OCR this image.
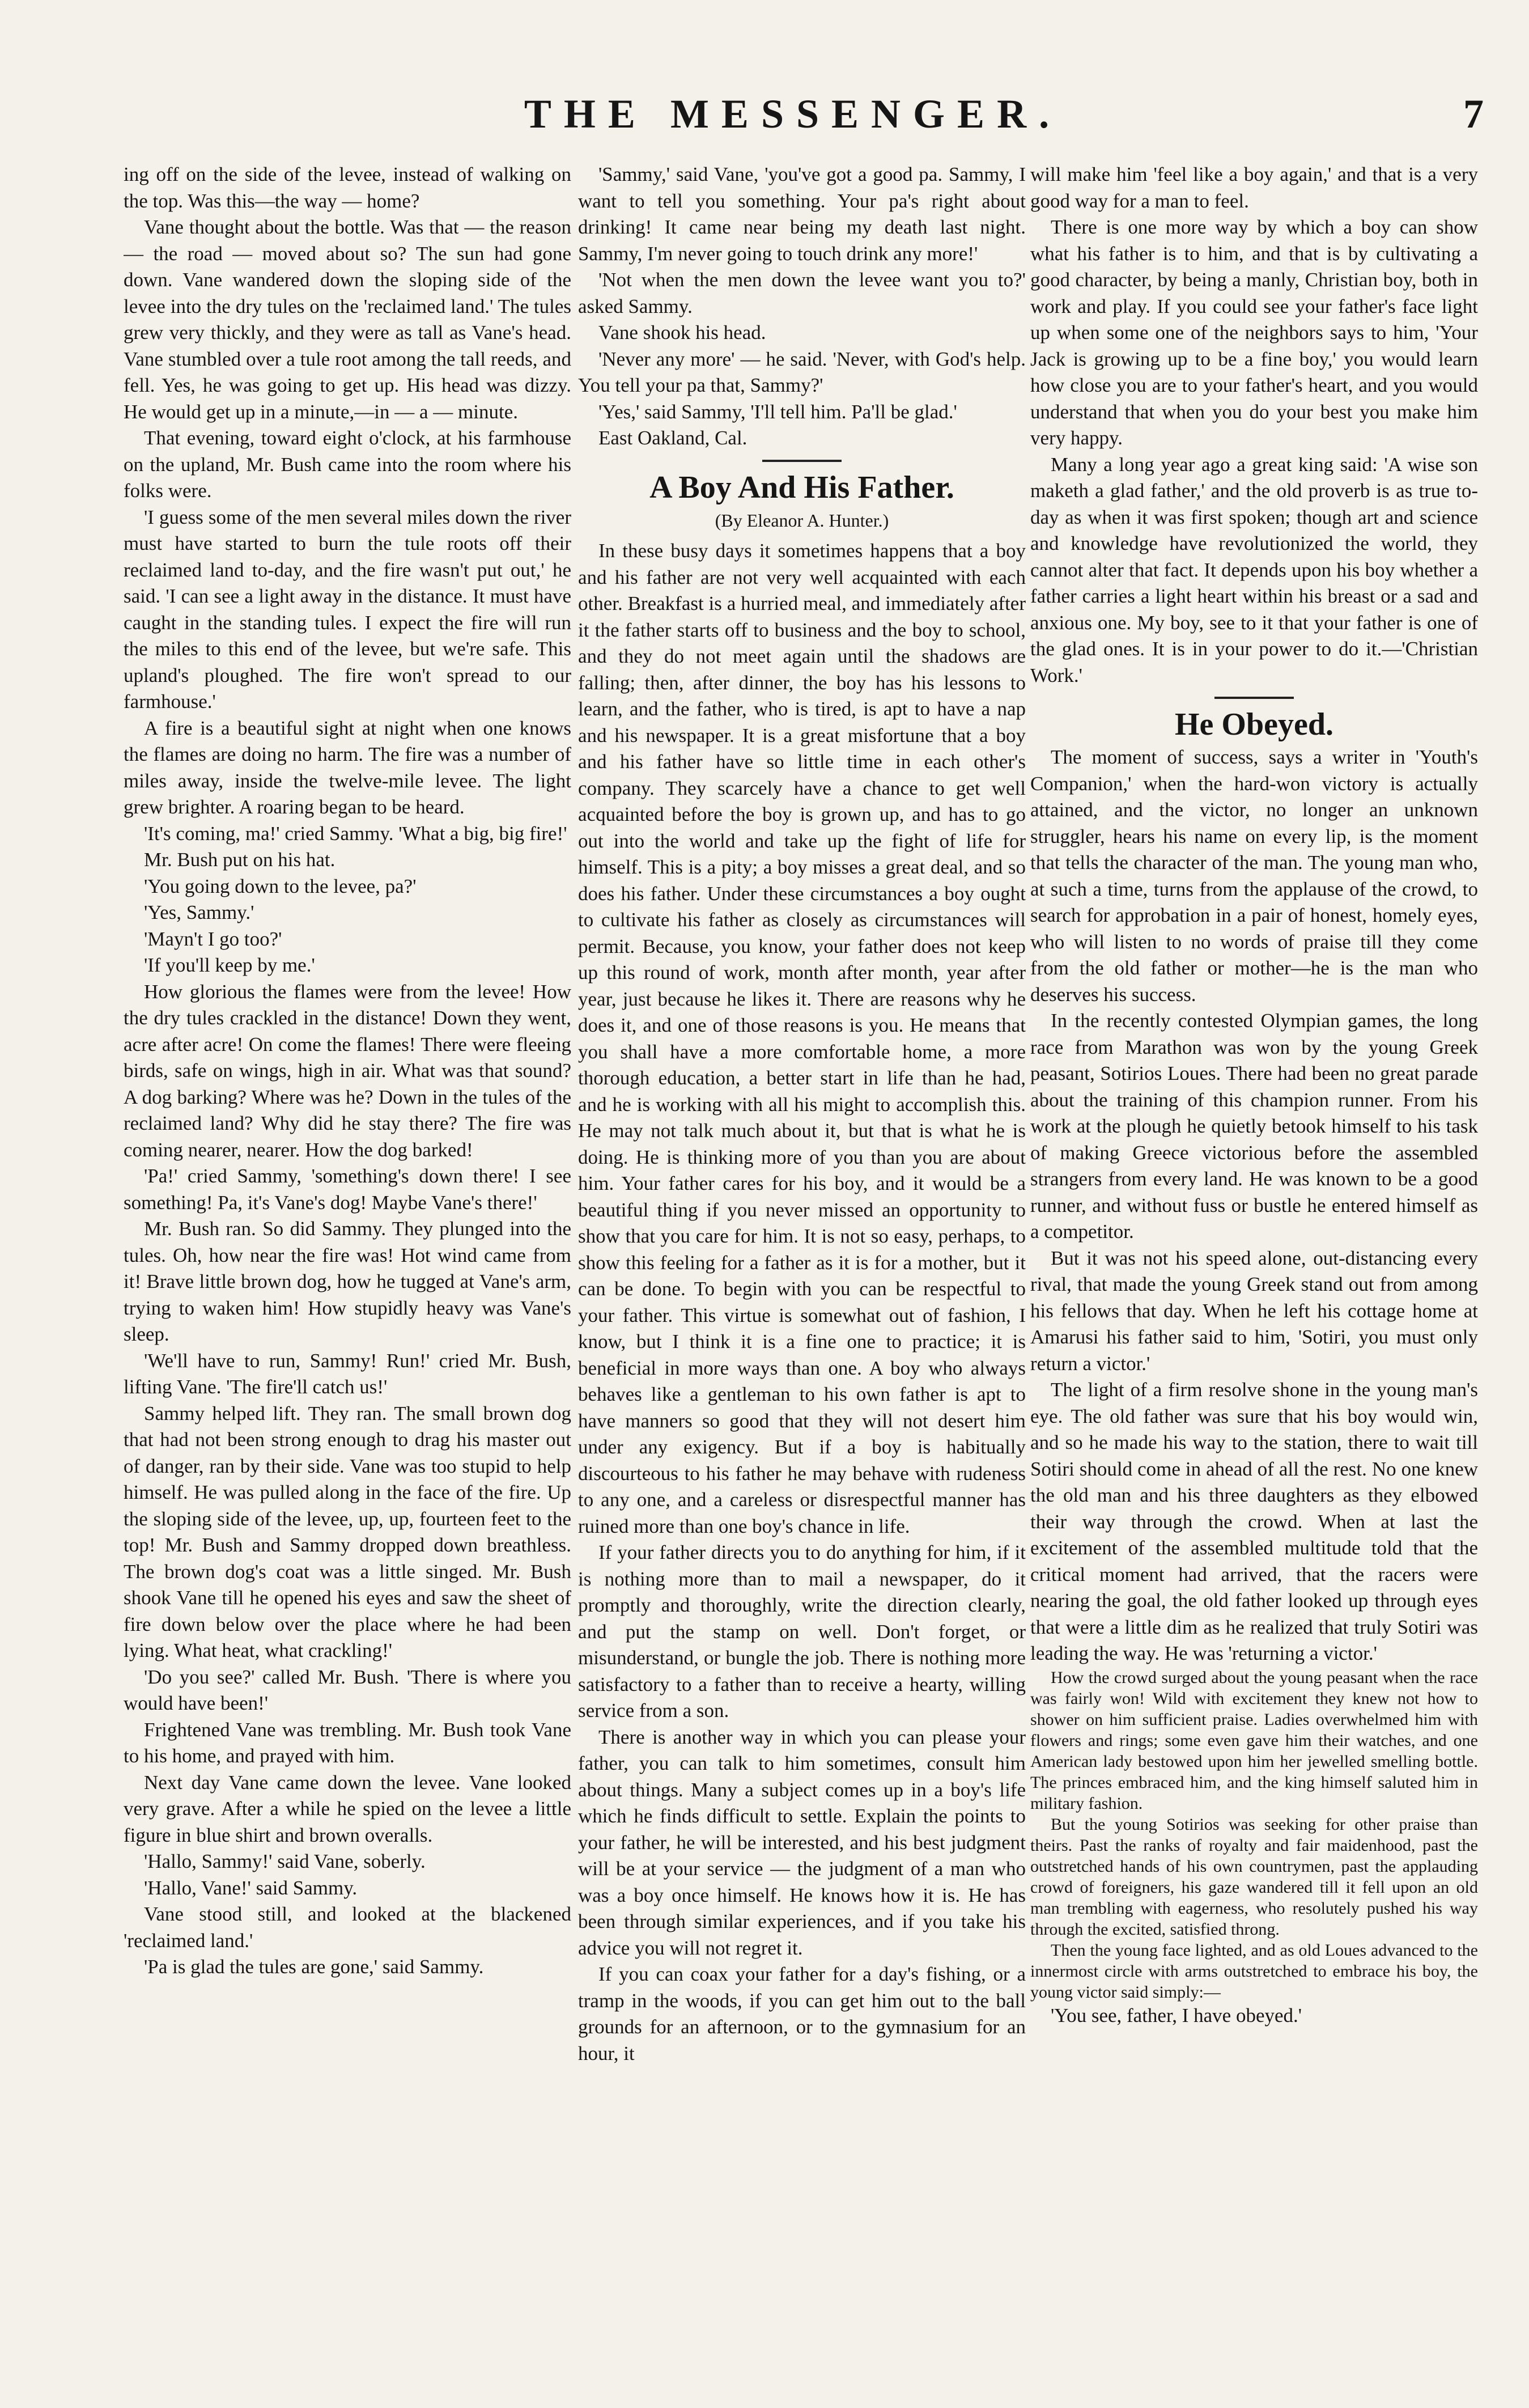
THE MESSENGER.	7

ing off on the side of the levee, instead of walking on the top. Was this—the way — home?

Vane thought about the bottle. Was that — the reason — the road — moved about so? The sun had gone down. Vane wandered down the sloping side of the levee into the dry tules on the 'reclaimed land.' The tules grew very thickly, and they were as tall as Vane's head. Vane stumbled over a tule root among the tall reeds, and fell. Yes, he was going to get up. His head was dizzy. He would get up in a minute,—in — a — minute.

That evening, toward eight o'clock, at his farmhouse on the upland, Mr. Bush came into the room where his folks were.

'I guess some of the men several miles down the river must have started to burn the tule roots off their reclaimed land to-day, and the fire wasn't put out,' he said. 'I can see a light away in the distance. It must have caught in the standing tules. I expect the fire will run the miles to this end of the levee, but we're safe. This upland's ploughed. The fire won't spread to our farmhouse.'

A fire is a beautiful sight at night when one knows the flames are doing no harm. The fire was a number of miles away, inside the twelve-mile levee. The light grew brighter. A roaring began to be heard.

'It's coming, ma!' cried Sammy. 'What a big, big fire!'

Mr. Bush put on his hat.

'You going down to the levee, pa?'

'Yes, Sammy.'

'Mayn't I go too?'

'If you'll keep by me.'

How glorious the flames were from the levee! How the dry tules crackled in the distance! Down they went, acre after acre! On come the flames! There were fleeing birds, safe on wings, high in air. What was that sound? A dog barking? Where was he? Down in the tules of the reclaimed land? Why did he stay there? The fire was coming nearer, nearer. How the dog barked!

'Pa!' cried Sammy, 'something's down there! I see something! Pa, it's Vane's dog! Maybe Vane's there!'

Mr. Bush ran. So did Sammy. They plunged into the tules. Oh, how near the fire was! Hot wind came from it! Brave little brown dog, how he tugged at Vane's arm, trying to waken him! How stupidly heavy was Vane's sleep.

'We'll have to run, Sammy! Run!' cried Mr. Bush, lifting Vane. 'The fire'll catch us!'

Sammy helped lift. They ran. The small brown dog that had not been strong enough to drag his master out of danger, ran by their side. Vane was too stupid to help himself. He was pulled along in the face of the fire. Up the sloping side of the levee, up, up, fourteen feet to the top! Mr. Bush and Sammy dropped down breathless. The brown dog's coat was a little singed. Mr. Bush shook Vane till he opened his eyes and saw the sheet of fire down below over the place where he had been lying. What heat, what crackling!'

'Do you see?' called Mr. Bush. 'There is where you would have been!'

Frightened Vane was trembling. Mr. Bush took Vane to his home, and prayed with him.

Next day Vane came down the levee. Vane looked very grave. After a while he spied on the levee a little figure in blue shirt and brown overalls.

'Hallo, Sammy!' said Vane, soberly.

'Hallo, Vane!' said Sammy.

Vane stood still, and looked at the blackened 'reclaimed land.'

'Pa is glad the tules are gone,' said Sammy.

'Sammy,' said Vane, 'you've got a good pa. Sammy, I want to tell you something. Your pa's right about drinking! It came near being my death last night. Sammy, I'm never going to touch drink any more!'

'Not when the men down the levee want you to?' asked Sammy.

Vane shook his head.

'Never any more' — he said. 'Never, with God's help. You tell your pa that, Sammy?'

'Yes,' said Sammy, 'I'll tell him. Pa'll be glad.'

East Oakland, Cal.

A Boy And His Father.
(By Eleanor A. Hunter.)

In these busy days it sometimes happens that a boy and his father are not very well acquainted with each other. Breakfast is a hurried meal, and immediately after it the father starts off to business and the boy to school, and they do not meet again until the shadows are falling; then, after dinner, the boy has his lessons to learn, and the father, who is tired, is apt to have a nap and his newspaper. It is a great misfortune that a boy and his father have so little time in each other's company. They scarcely have a chance to get well acquainted before the boy is grown up, and has to go out into the world and take up the fight of life for himself. This is a pity; a boy misses a great deal, and so does his father. Under these circumstances a boy ought to cultivate his father as closely as circumstances will permit. Because, you know, your father does not keep up this round of work, month after month, year after year, just because he likes it. There are reasons why he does it, and one of those reasons is you. He means that you shall have a more comfortable home, a more thorough education, a better start in life than he had, and he is working with all his might to accomplish this. He may not talk much about it, but that is what he is doing. He is thinking more of you than you are about him. Your father cares for his boy, and it would be a beautiful thing if you never missed an opportunity to show that you care for him. It is not so easy, perhaps, to show this feeling for a father as it is for a mother, but it can be done. To begin with you can be respectful to your father. This virtue is somewhat out of fashion, I know, but I think it is a fine one to practice; it is beneficial in more ways than one. A boy who always behaves like a gentleman to his own father is apt to have manners so good that they will not desert him under any exigency. But if a boy is habitually discourteous to his father he may behave with rudeness to any one, and a careless or disrespectful manner has ruined more than one boy's chance in life.

If your father directs you to do anything for him, if it is nothing more than to mail a newspaper, do it promptly and thoroughly, write the direction clearly, and put the stamp on well. Don't forget, or misunderstand, or bungle the job. There is nothing more satisfactory to a father than to receive a hearty, willing service from a son.

There is another way in which you can please your father, you can talk to him sometimes, consult him about things. Many a subject comes up in a boy's life which he finds difficult to settle. Explain the points to your father, he will be interested, and his best judgment will be at your service — the judgment of a man who was a boy once himself. He knows how it is. He has been through similar experiences, and if you take his advice you will not regret it.

If you can coax your father for a day's fishing, or a tramp in the woods, if you can get him out to the ball grounds for an afternoon, or to the gymnasium for an hour, it

will make him 'feel like a boy again,' and that is a very good way for a man to feel.

There is one more way by which a boy can show what his father is to him, and that is by cultivating a good character, by being a manly, Christian boy, both in work and play. If you could see your father's face light up when some one of the neighbors says to him, 'Your Jack is growing up to be a fine boy,' you would learn how close you are to your father's heart, and you would understand that when you do your best you make him very happy.

Many a long year ago a great king said: 'A wise son maketh a glad father,' and the old proverb is as true to-day as when it was first spoken; though art and science and knowledge have revolutionized the world, they cannot alter that fact. It depends upon his boy whether a father carries a light heart within his breast or a sad and anxious one. My boy, see to it that your father is one of the glad ones. It is in your power to do it.—'Christian Work.'

He Obeyed.

The moment of success, says a writer in 'Youth's Companion,' when the hard-won victory is actually attained, and the victor, no longer an unknown struggler, hears his name on every lip, is the moment that tells the character of the man. The young man who, at such a time, turns from the applause of the crowd, to search for approbation in a pair of honest, homely eyes, who will listen to no words of praise till they come from the old father or mother—he is the man who deserves his success.

In the recently contested Olympian games, the long race from Marathon was won by the young Greek peasant, Sotirios Loues. There had been no great parade about the training of this champion runner. From his work at the plough he quietly betook himself to his task of making Greece victorious before the assembled strangers from every land. He was known to be a good runner, and without fuss or bustle he entered himself as a competitor.

But it was not his speed alone, out-distancing every rival, that made the young Greek stand out from among his fellows that day. When he left his cottage home at Amarusi his father said to him, 'Sotiri, you must only return a victor.'

The light of a firm resolve shone in the young man's eye. The old father was sure that his boy would win, and so he made his way to the station, there to wait till Sotiri should come in ahead of all the rest. No one knew the old man and his three daughters as they elbowed their way through the crowd. When at last the excitement of the assembled multitude told that the critical moment had arrived, that the racers were nearing the goal, the old father looked up through eyes that were a little dim as he realized that truly Sotiri was leading the way. He was 'returning a victor.'

How the crowd surged about the young peasant when the race was fairly won! Wild with excitement they knew not how to shower on him sufficient praise. Ladies overwhelmed him with flowers and rings; some even gave him their watches, and one American lady bestowed upon him her jewelled smelling bottle. The princes embraced him, and the king himself saluted him in military fashion.

But the young Sotirios was seeking for other praise than theirs. Past the ranks of royalty and fair maidenhood, past the outstretched hands of his own countrymen, past the applauding crowd of foreigners, his gaze wandered till it fell upon an old man trembling with eagerness, who resolutely pushed his way through the excited, satisfied throng.

Then the young face lighted, and as old Loues advanced to the innermost circle with arms outstretched to embrace his boy, the young victor said simply:—

'You see, father, I have obeyed.'
